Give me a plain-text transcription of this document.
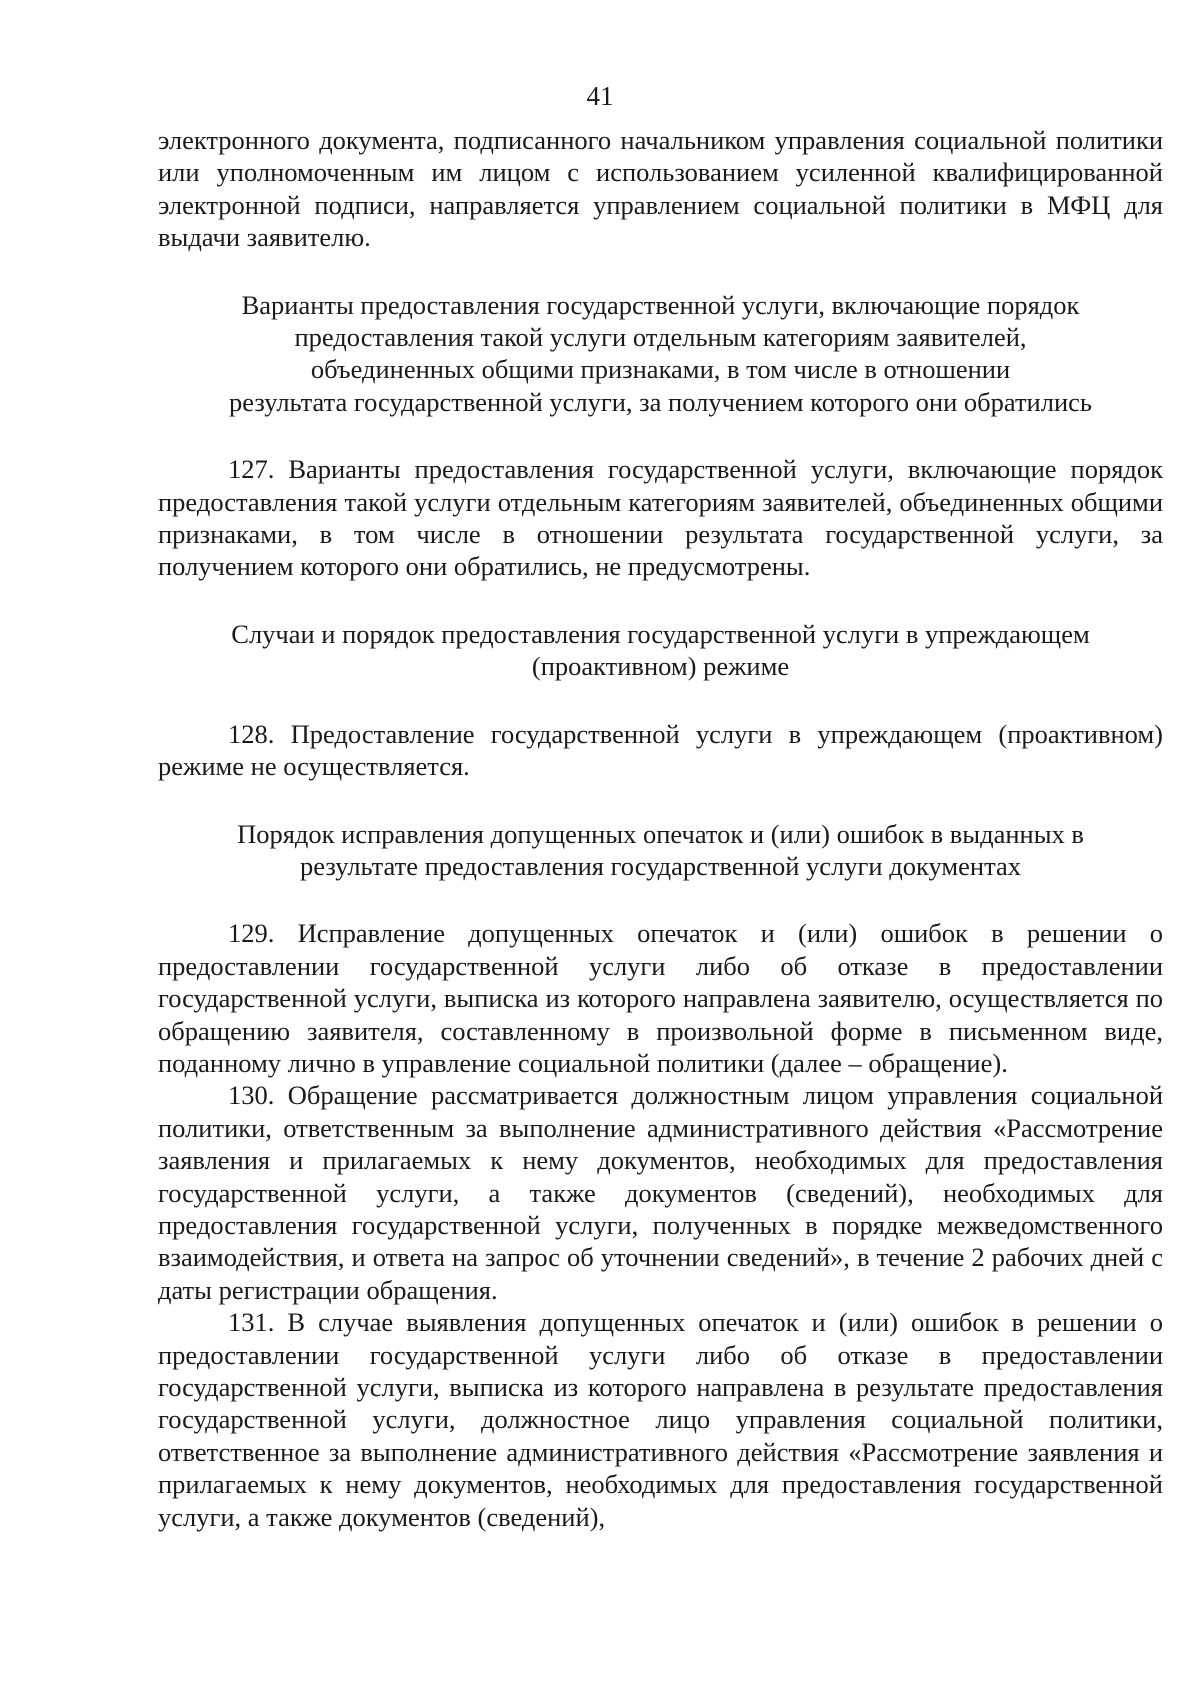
41

электронного документа, подписанного начальником управления социальной политики или уполномоченным им лицом с использованием усиленной квалифицированной электронной подписи, направляется управлением социальной политики в МФЦ для выдачи заявителю.

Варианты предоставления государственной услуги, включающие порядок
предоставления такой услуги отдельным категориям заявителей,
объединенных общими признаками, в том числе в отношении
результата государственной услуги, за получением которого они обратились

127. Варианты предоставления государственной услуги, включающие порядок предоставления такой услуги отдельным категориям заявителей, объединенных общими признаками, в том числе в отношении результата государственной услуги, за получением которого они обратились, не предусмотрены.

Случаи и порядок предоставления государственной услуги в упреждающем
(проактивном) режиме

128. Предоставление государственной услуги в упреждающем (проактивном) режиме не осуществляется.

Порядок исправления допущенных опечаток и (или) ошибок в выданных в
результате предоставления государственной услуги документах

129. Исправление допущенных опечаток и (или) ошибок в решении о предоставлении государственной услуги либо об отказе в предоставлении государственной услуги, выписка из которого направлена заявителю, осуществляется по обращению заявителя, составленному в произвольной форме в письменном виде, поданному лично в управление социальной политики (далее – обращение).

130. Обращение рассматривается должностным лицом управления социальной политики, ответственным за выполнение административного действия «Рассмотрение заявления и прилагаемых к нему документов, необходимых для предоставления государственной услуги, а также документов (сведений), необходимых для предоставления государственной услуги, полученных в порядке межведомственного взаимодействия, и ответа на запрос об уточнении сведений», в течение 2 рабочих дней с даты регистрации обращения.

131. В случае выявления допущенных опечаток и (или) ошибок в решении о предоставлении государственной услуги либо об отказе в предоставлении государственной услуги, выписка из которого направлена в результате предоставления государственной услуги, должностное лицо управления социальной политики, ответственное за выполнение административного действия «Рассмотрение заявления и прилагаемых к нему документов, необходимых для предоставления государственной услуги, а также документов (сведений),
